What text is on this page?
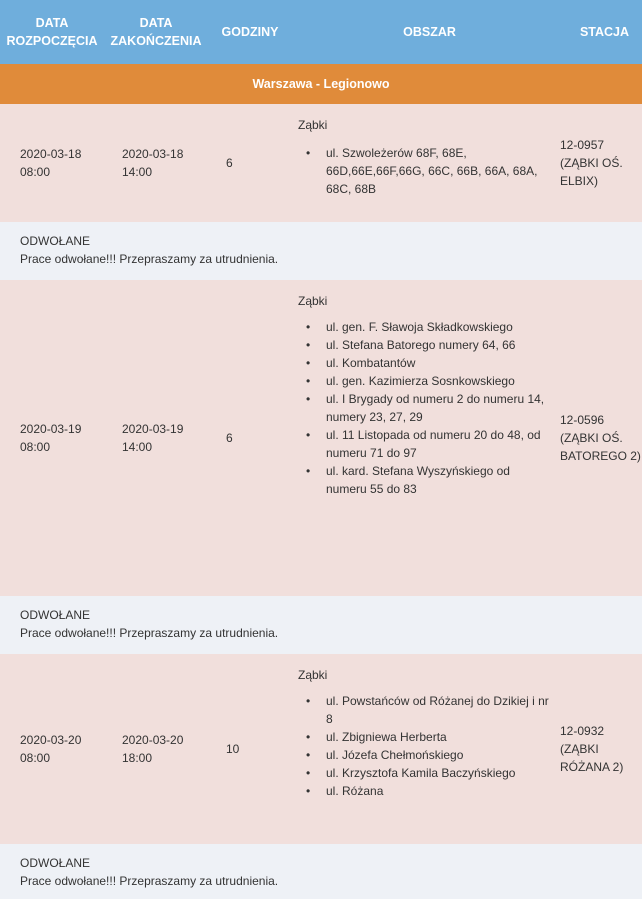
DATA ROZPOCZĘCIA
DATA ZAKOŃCZENIA
GODZINY	OBSZAR	STACJA
Warszawa - Legionowo
2020-03-18
08:00
2020-03-18
14:00
6
Ząbki
• ul. Szwoleżerów 68F, 68E, 66D,66E,66F,66G, 66C, 66B, 66A, 68A, 68C, 68B
12-0957 (ZĄBKI OŚ. ELBIX)
ODWOŁANE
Prace odwołane!!! Przepraszamy za utrudnienia.
2020-03-19
08:00
2020-03-19
14:00
6
Ząbki
• ul. gen. F. Sławoja Składkowskiego
• ul. Stefana Batorego numery 64, 66
• ul. Kombatantów
• ul. gen. Kazimierza Sosnkowskiego
• ul. I Brygady od numeru 2 do numeru 14, numery 23, 27, 29
• ul. 11 Listopada od numeru 20 do 48, od numeru 71 do 97
• ul. kard. Stefana Wyszyńskiego od numeru 55 do 83
12-0596 (ZĄBKI OŚ. BATOREGO 2)
ODWOŁANE
Prace odwołane!!! Przepraszamy za utrudnienia.
2020-03-20
08:00
2020-03-20
18:00
10
Ząbki
• ul. Powstańców od Różanej do Dzikiej i nr 8
• ul. Zbigniewa Herberta
• ul. Józefa Chełmońskiego
• ul. Krzysztofa Kamila Baczyńskiego
• ul. Różana
12-0932 (ZĄBKI RÓŻANA 2)
ODWOŁANE
Prace odwołane!!! Przepraszamy za utrudnienia.
